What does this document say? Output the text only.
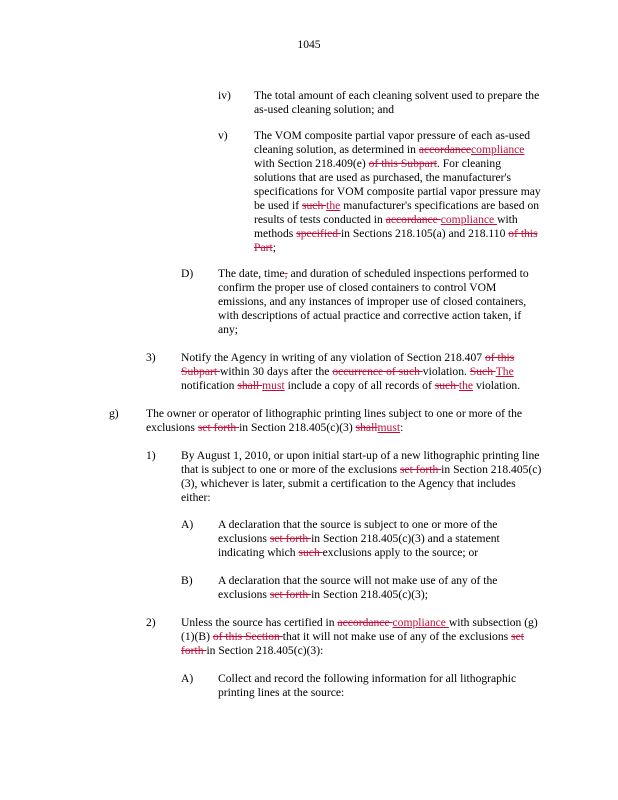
1045
iv) The total amount of each cleaning solvent used to prepare the as-used cleaning solution; and

v) The VOM composite partial vapor pressure of each as-used cleaning solution, as determined in accordancecompliance with Section 218.409(e) of this Subpart. For cleaning solutions that are used as purchased, the manufacturer's specifications for VOM composite partial vapor pressure may be used if such the manufacturer's specifications are based on results of tests conducted in accordance compliance with methods specified in Sections 218.105(a) and 218.110 of this Part;

D) The date, time, and duration of scheduled inspections performed to confirm the proper use of closed containers to control VOM emissions, and any instances of improper use of closed containers, with descriptions of actual practice and corrective action taken, if any;

3) Notify the Agency in writing of any violation of Section 218.407 of this Subpart within 30 days after the occurrence of such violation. Such The notification shall must include a copy of all records of such the violation.

g) The owner or operator of lithographic printing lines subject to one or more of the exclusions set forth in Section 218.405(c)(3) shallmust:

1) By August 1, 2010, or upon initial start-up of a new lithographic printing line that is subject to one or more of the exclusions set forth in Section 218.405(c)(3), whichever is later, submit a certification to the Agency that includes either:

A) A declaration that the source is subject to one or more of the exclusions set forth in Section 218.405(c)(3) and a statement indicating which such exclusions apply to the source; or

B) A declaration that the source will not make use of any of the exclusions set forth in Section 218.405(c)(3);

2) Unless the source has certified in accordance compliance with subsection (g)(1)(B) of this Section that it will not make use of any of the exclusions set forth in Section 218.405(c)(3):

A) Collect and record the following information for all lithographic printing lines at the source:
